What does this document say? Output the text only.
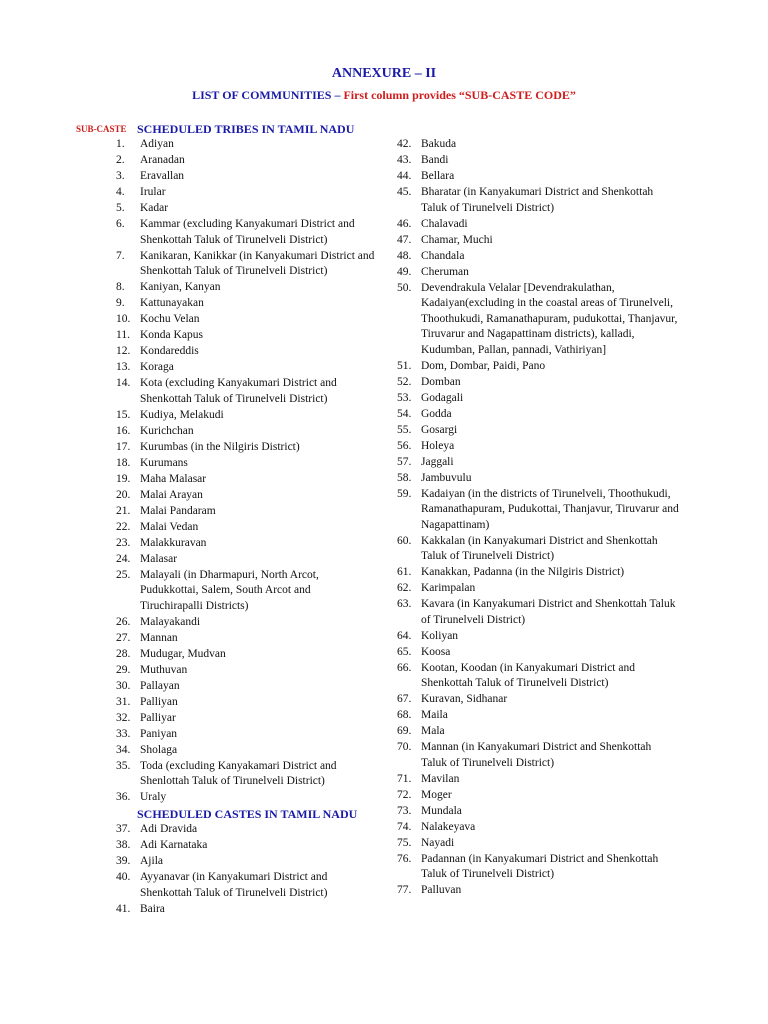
ANNEXURE – II
LIST OF COMMUNITIES – First column provides “SUB-CASTE CODE”
SUB-CASTE SCHEDULED TRIBES IN TAMIL NADU
1.	Adiyan
2.	Aranadan
3.	Eravallan
4.	Irular
5.	Kadar
6.	Kammar (excluding Kanyakumari District and Shenkottah Taluk of Tirunelveli District)
7.	Kanikaran, Kanikkar (in Kanyakumari District and Shenkottah Taluk of Tirunelveli District)
8.	Kaniyan, Kanyan
9.	Kattunayakan
10. Kochu Velan
11. Konda Kapus
12. Kondareddis
13. Koraga
14. Kota (excluding Kanyakumari District and Shenkottah Taluk of Tirunelveli District)
15. Kudiya, Melakudi
16. Kurichchan
17. Kurumbas (in the Nilgiris District)
18. Kurumans
19. Maha Malasar
20. Malai Arayan
21. Malai Pandaram
22. Malai Vedan
23. Malakkuravan
24. Malasar
25. Malayali (in Dharmapuri, North Arcot, Pudukkottai, Salem, South Arcot and Tiruchirapalli Districts)
26. Malayakandi
27. Mannan
28. Mudugar, Mudvan
29. Muthuvan
30. Pallayan
31. Palliyan
32. Palliyar
33. Paniyan
34. Sholaga
35. Toda (excluding Kanyakamari District and Shenlottah Taluk of Tirunelveli District)
36. Uraly
SCHEDULED CASTES IN TAMIL NADU
37. Adi Dravida
38. Adi Karnataka
39. Ajila
40. Ayyanavar (in Kanyakumari District and Shenkottah Taluk of Tirunelveli District)
41. Baira
42. Bakuda
43. Bandi
44. Bellara
45. Bharatar (in Kanyakumari District and Shenkottah Taluk of Tirunelveli District)
46. Chalavadi
47. Chamar, Muchi
48. Chandala
49. Cheruman
50. Devendrakula Velalar [Devendrakulathan, Kadaiyan(excluding in the coastal areas of Tirunelveli, Thoothukudi, Ramanathapuram, pudukottai, Thanjavur, Tiruvarur and Nagapattinam districts), kalladi, Kudumban, Pallan, pannadi, Vathiriyan]
51. Dom, Dombar, Paidi, Pano
52. Domban
53. Godagali
54. Godda
55. Gosargi
56. Holeya
57. Jaggali
58. Jambuvulu
59. Kadaiyan (in the districts of Tirunelveli, Thoothukudi, Ramanathapuram, Pudukottai, Thanjavur, Tiruvarur and Nagapattinam)
60. Kakkalan (in Kanyakumari District and Shenkottah Taluk of Tirunelveli District)
61. Kanakkan, Padanna (in the Nilgiris District)
62. Karimpalan
63. Kavara (in Kanyakumari District and Shenkottah Taluk of Tirunelveli District)
64. Koliyan
65. Koosa
66. Kootan, Koodan (in Kanyakumari District and Shenkottah Taluk of Tirunelveli District)
67. Kuravan, Sidhanar
68. Maila
69. Mala
70. Mannan (in Kanyakumari District and Shenkottah Taluk of Tirunelveli District)
71. Mavilan
72. Moger
73. Mundala
74. Nalakeyava
75. Nayadi
76. Padannan (in Kanyakumari District and Shenkottah Taluk of Tirunelveli District)
77. Palluvan
